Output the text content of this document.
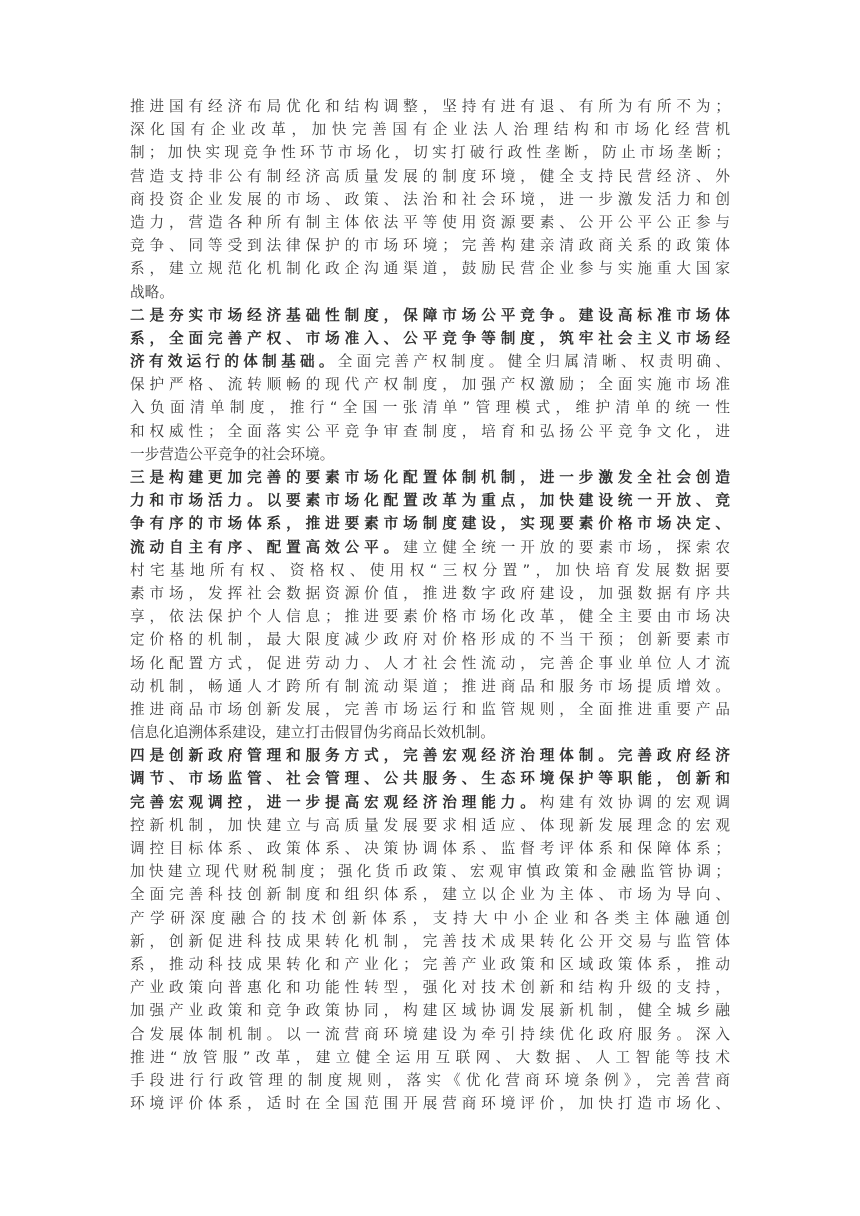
推进国有经济布局优化和结构调整，坚持有进有退、有所为有所不为；
深化国有企业改革，加快完善国有企业法人治理结构和市场化经营机
制；加快实现竞争性环节市场化，切实打破行政性垄断，防止市场垄断；
营造支持非公有制经济高质量发展的制度环境，健全支持民营经济、外
商投资企业发展的市场、政策、法治和社会环境，进一步激发活力和创
造力，营造各种所有制主体依法平等使用资源要素、公开公平公正参与
竞争、同等受到法律保护的市场环境；完善构建亲清政商关系的政策体
系，建立规范化机制化政企沟通渠道，鼓励民营企业参与实施重大国家
战略。
二是夯实市场经济基础性制度，保障市场公平竞争。建设高标准市场体
系，全面完善产权、市场准入、公平竞争等制度，筑牢社会主义市场经
济有效运行的体制基础。全面完善产权制度。健全归属清晰、权责明确、
保护严格、流转顺畅的现代产权制度，加强产权激励；全面实施市场准
入负面清单制度，推行“全国一张清单”管理模式，维护清单的统一性
和权威性；全面落实公平竞争审查制度，培育和弘扬公平竞争文化，进
一步营造公平竞争的社会环境。
三是构建更加完善的要素市场化配置体制机制，进一步激发全社会创造
力和市场活力。以要素市场化配置改革为重点，加快建设统一开放、竞
争有序的市场体系，推进要素市场制度建设，实现要素价格市场决定、
流动自主有序、配置高效公平。建立健全统一开放的要素市场，探索农
村宅基地所有权、资格权、使用权“三权分置”，加快培育发展数据要
素市场，发挥社会数据资源价值，推进数字政府建设，加强数据有序共
享，依法保护个人信息；推进要素价格市场化改革，健全主要由市场决
定价格的机制，最大限度减少政府对价格形成的不当干预；创新要素市
场化配置方式，促进劳动力、人才社会性流动，完善企事业单位人才流
动机制，畅通人才跨所有制流动渠道；推进商品和服务市场提质增效。
推进商品市场创新发展，完善市场运行和监管规则，全面推进重要产品
信息化追溯体系建设，建立打击假冒伪劣商品长效机制。
四是创新政府管理和服务方式，完善宏观经济治理体制。完善政府经济
调节、市场监管、社会管理、公共服务、生态环境保护等职能，创新和
完善宏观调控，进一步提高宏观经济治理能力。构建有效协调的宏观调
控新机制，加快建立与高质量发展要求相适应、体现新发展理念的宏观
调控目标体系、政策体系、决策协调体系、监督考评体系和保障体系；
加快建立现代财税制度；强化货币政策、宏观审慎政策和金融监管协调；
全面完善科技创新制度和组织体系，建立以企业为主体、市场为导向、
产学研深度融合的技术创新体系，支持大中小企业和各类主体融通创
新，创新促进科技成果转化机制，完善技术成果转化公开交易与监管体
系，推动科技成果转化和产业化；完善产业政策和区域政策体系，推动
产业政策向普惠化和功能性转型，强化对技术创新和结构升级的支持，
加强产业政策和竞争政策协同，构建区域协调发展新机制，健全城乡融
合发展体制机制。以一流营商环境建设为牵引持续优化政府服务。深入
推进“放管服”改革，建立健全运用互联网、大数据、人工智能等技术
手段进行行政管理的制度规则，落实《优化营商环境条例》，完善营商
环境评价体系，适时在全国范围开展营商环境评价，加快打造市场化、
